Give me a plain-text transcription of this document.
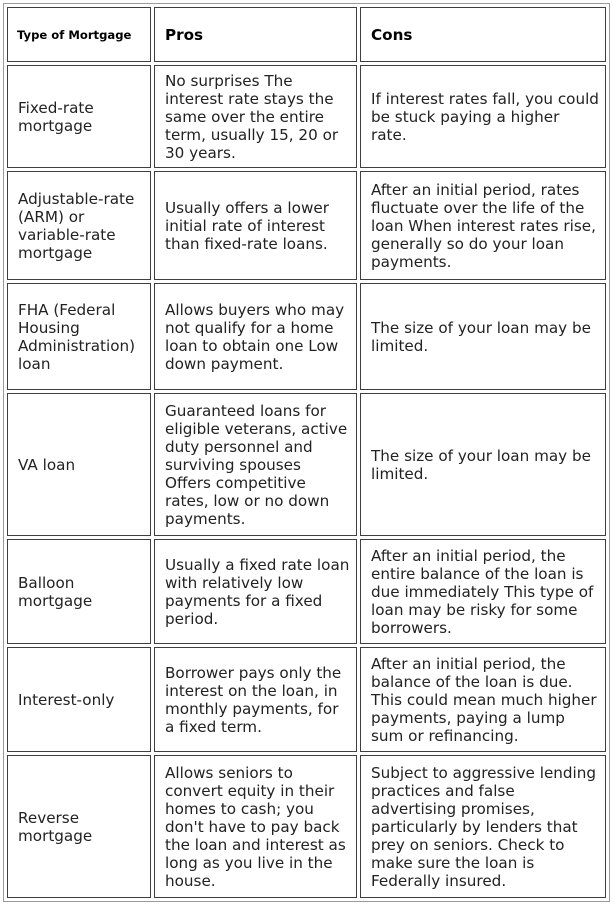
Type of Mortgage	Pros	Cons
Fixed-rate mortgage	No surprises The interest rate stays the same over the entire term, usually 15, 20 or 30 years.	If interest rates fall, you could be stuck paying a higher rate.
Adjustable-rate (ARM) or variable-rate mortgage	Usually offers a lower initial rate of interest than fixed-rate loans.	After an initial period, rates fluctuate over the life of the loan When interest rates rise, generally so do your loan payments.
FHA (Federal Housing Administration) loan	Allows buyers who may not qualify for a home loan to obtain one Low down payment.	The size of your loan may be limited.
VA loan	Guaranteed loans for eligible veterans, active duty personnel and surviving spouses Offers competitive rates, low or no down payments.	The size of your loan may be limited.
Balloon mortgage	Usually a fixed rate loan with relatively low payments for a fixed period.	After an initial period, the entire balance of the loan is due immediately This type of loan may be risky for some borrowers.
Interest-only	Borrower pays only the interest on the loan, in monthly payments, for a fixed term.	After an initial period, the balance of the loan is due. This could mean much higher payments, paying a lump sum or refinancing.
Reverse mortgage	Allows seniors to convert equity in their homes to cash; you don't have to pay back the loan and interest as long as you live in the house.	Subject to aggressive lending practices and false advertising promises, particularly by lenders that prey on seniors. Check to make sure the loan is Federally insured.
